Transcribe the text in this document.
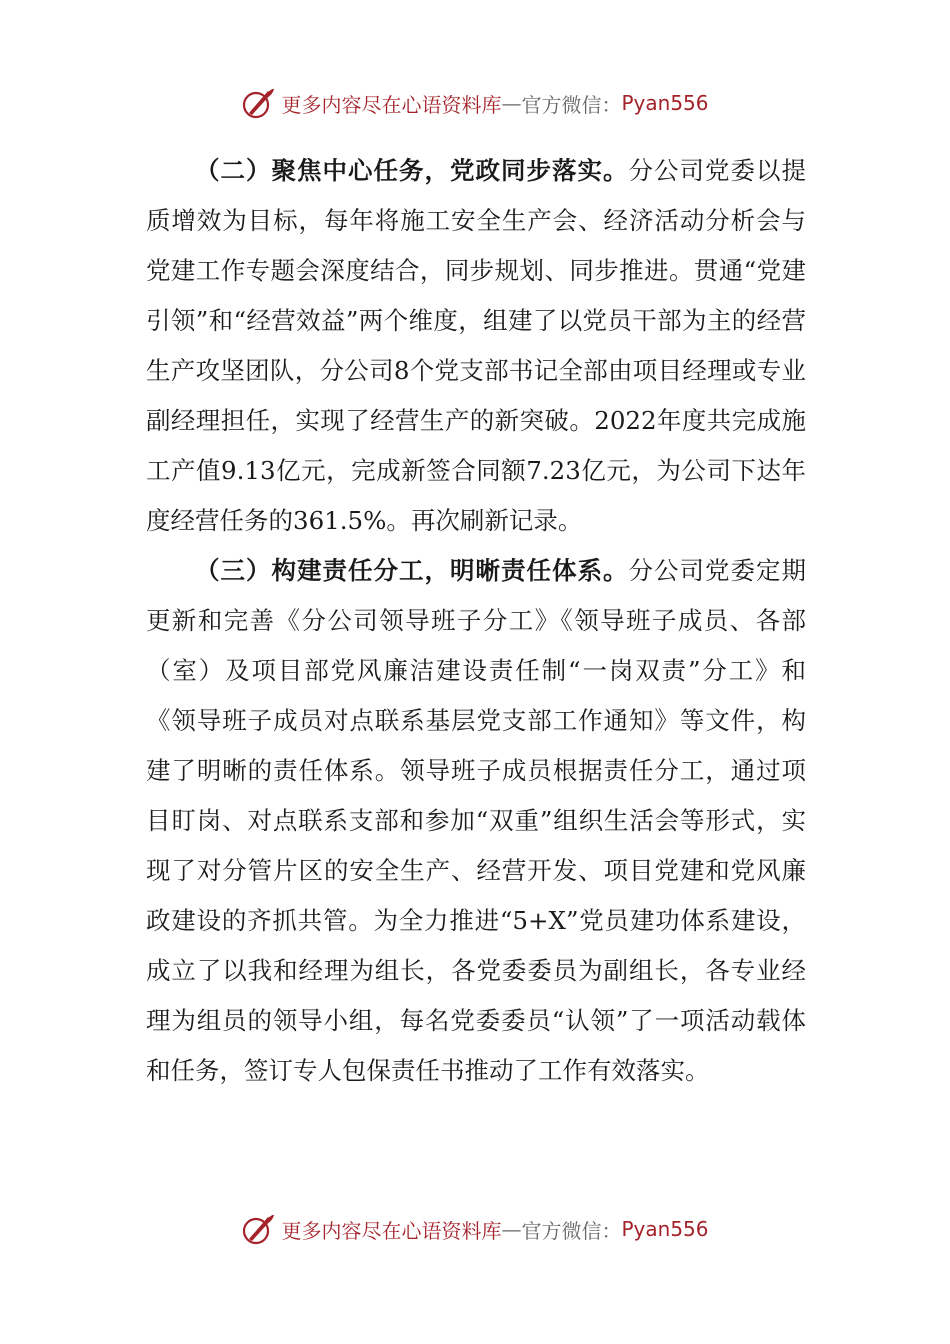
更多内容尽在心语资料库 — 官方微信： Pyan556

（二）聚焦中心任务，党政同步落实。分公司党委以提质增效为目标，每年将施工安全生产会、经济活动分析会与党建工作专题会深度结合，同步规划、同步推进。贯通“党建引领”和“经营效益”两个维度，组建了以党员干部为主的经营生产攻坚团队，分公司8个党支部书记全部由项目经理或专业副经理担任，实现了经营生产的新突破。2022年度共完成施工产值9.13亿元，完成新签合同额7.23亿元，为公司下达年度经营任务的361.5%。再次刷新记录。

（三）构建责任分工，明晰责任体系。分公司党委定期更新和完善《分公司领导班子分工》《领导班子成员、各部（室）及项目部党风廉洁建设责任制“一岗双责”分工》和《领导班子成员对点联系基层党支部工作通知》等文件，构建了明晰的责任体系。领导班子成员根据责任分工，通过项目盯岗、对点联系支部和参加“双重”组织生活会等形式，实现了对分管片区的安全生产、经营开发、项目党建和党风廉政建设的齐抓共管。为全力推进“5+X”党员建功体系建设，成立了以我和经理为组长，各党委委员为副组长，各专业经理为组员的领导小组，每名党委委员“认领”了一项活动载体和任务，签订专人包保责任书推动了工作有效落实。

更多内容尽在心语资料库 — 官方微信： Pyan556
